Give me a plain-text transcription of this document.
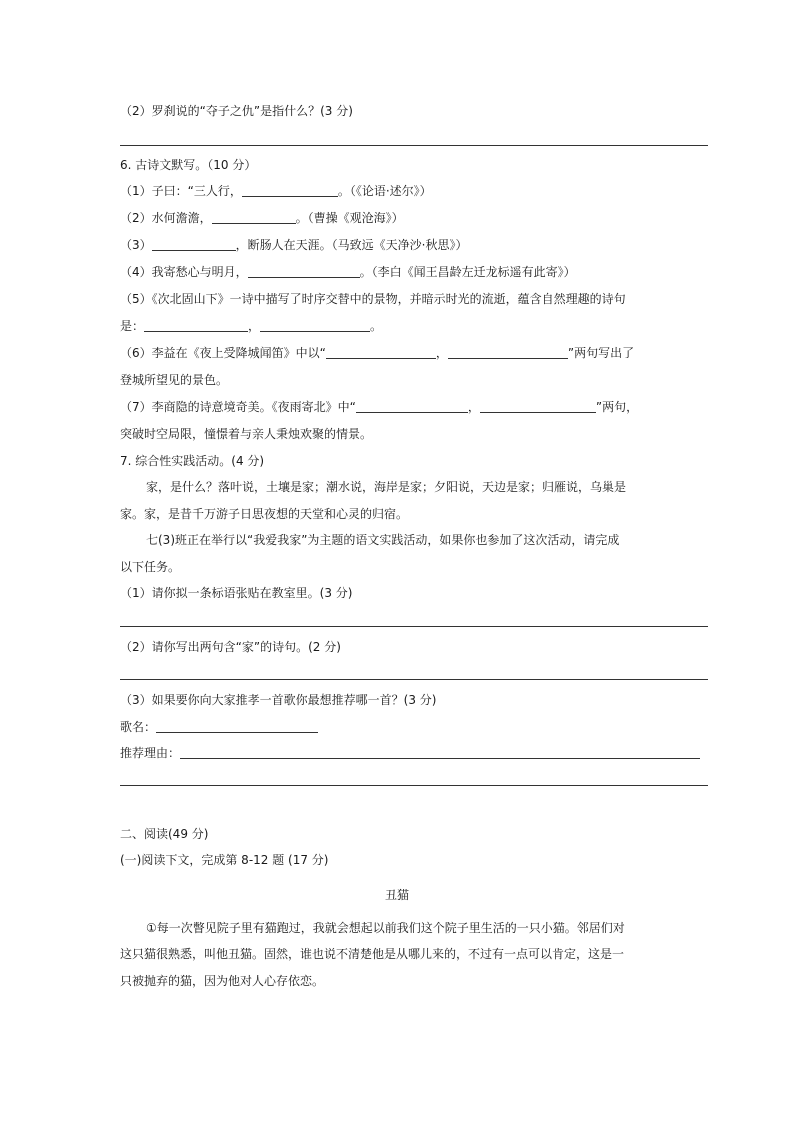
（2）罗刹说的“夺子之仇”是指什么？(3 分)
6. 古诗文默写。（10 分）
（1）子曰：“三人行，	。（《论语·述尔》）
（2）水何澹澹，	。（曹操《观沧海》）
（3）	，断肠人在天涯。（马致远《天净沙·秋思》）
（4）我寄愁心与明月，	。（李白《闻王昌龄左迁龙标遥有此寄》）
（5）《次北固山下》一诗中描写了时序交替中的景物，并暗示时光的流逝，蕴含自然理趣的诗句
是：	，	。
（6）李益在《夜上受降城闻笛》中以“	，	”两句写出了
登城所望见的景色。
（7）李商隐的诗意境奇美。《夜雨寄北》中“	，	”两句，
突破时空局限，憧憬着与亲人秉烛欢聚的情景。
7. 综合性实践活动。(4 分)
家，是什么？落叶说，土壤是家；潮水说，海岸是家；夕阳说，天边是家；归雁说，乌巢是
家。家，是昔千万游子日思夜想的天堂和心灵的归宿。
七(3)班正在举行以“我爱我家”为主题的语文实践活动，如果你也参加了这次活动，请完成
以下任务。
（1）请你拟一条标语张贴在教室里。(3 分)
（2）请你写出两句含“家”的诗句。(2 分)
（3）如果要你向大家推孝一首歌你最想推荐哪一首？(3 分)
歌名：
推荐理由：
二、阅读(49 分)
(一)阅读下文，完成第 8-12 题 (17 分)
丑猫
①每一次瞥见院子里有猫跑过，我就会想起以前我们这个院子里生活的一只小猫。邻居们对
这只猫很熟悉，叫他丑猫。固然，谁也说不清楚他是从哪儿来的，不过有一点可以肯定，这是一
只被抛弃的猫，因为他对人心存依恋。
